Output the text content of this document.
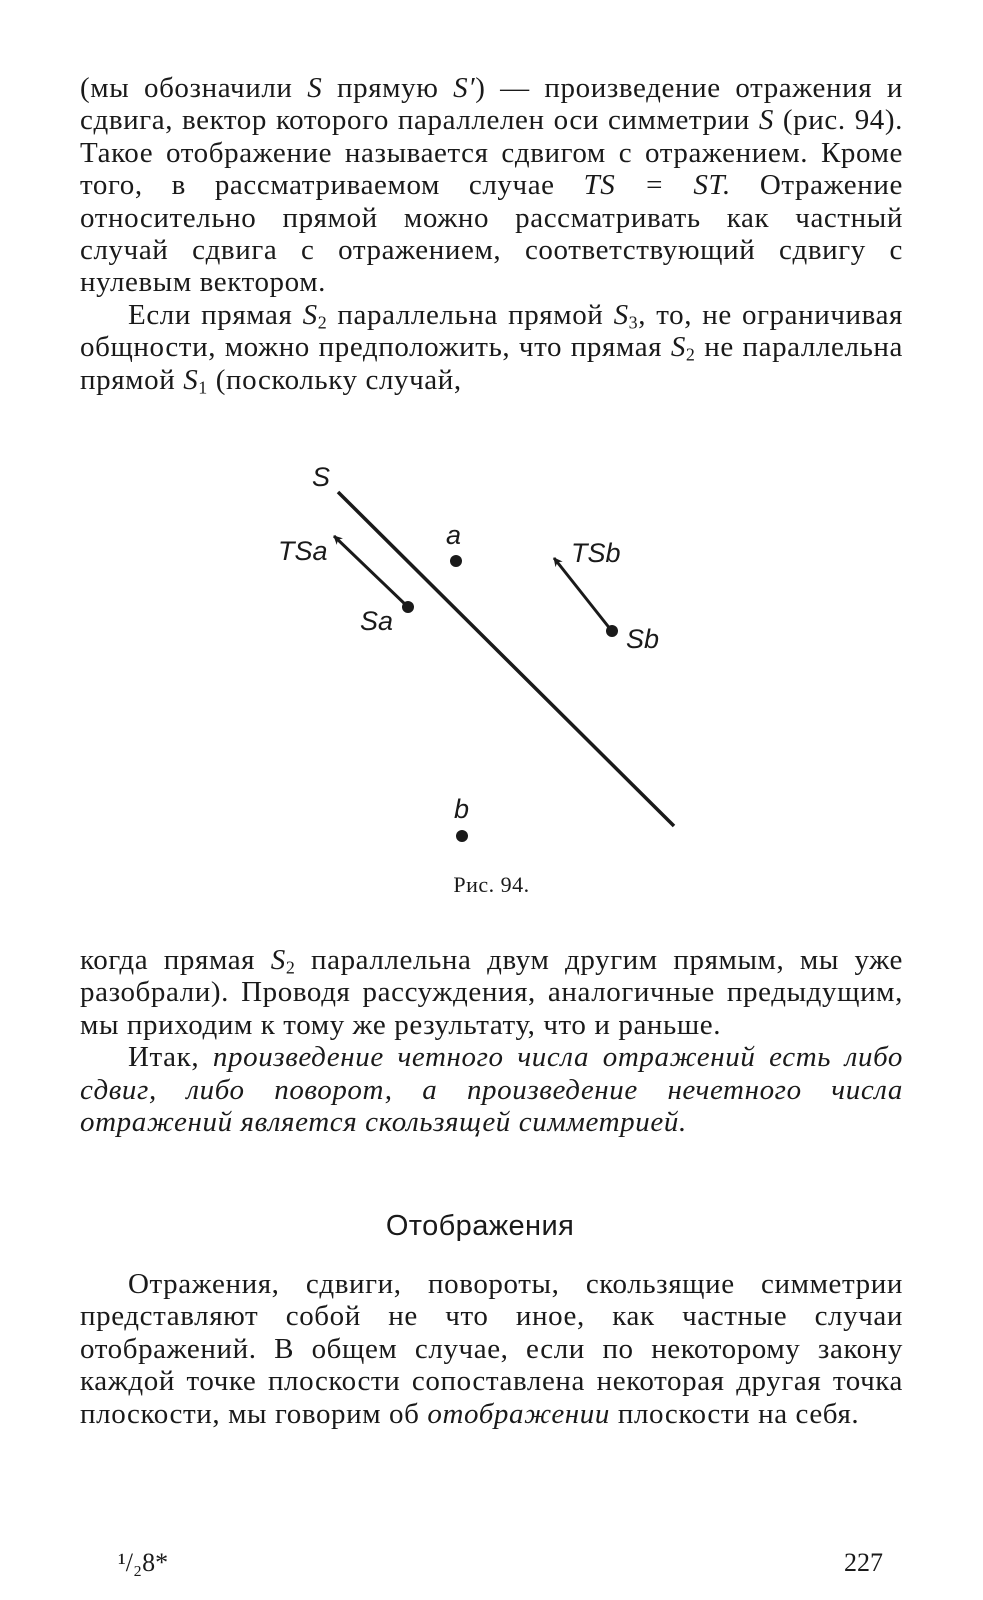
(мы обозначили S прямую S′) — произведение отражения и сдвига, вектор которого параллелен оси симметрии S (рис. 94). Такое отображение называется сдвигом с отражением. Кроме того, в рассматриваемом случае TS = ST. Отражение относительно прямой можно рассматривать как частный случай сдвига с отражением, соответствующий сдвигу с нулевым вектором.

Если прямая $S_2$ параллельна прямой $S_3$, то, не ограничивая общности, можно предположить, что прямая $S_2$ не параллельна прямой $S_1$ (поскольку случай,

S
TSa
a
TSb
Sa
Sb
b
Рис. 94.

когда прямая $S_2$ параллельна двум другим прямым, мы уже разобрали). Проводя рассуждения, аналогичные предыдущим, мы приходим к тому же результату, что и раньше.

Итак, произведение четного числа отражений есть либо сдвиг, либо поворот, а произведение нечетного числа отражений является скользящей симметрией.

Отображения

Отражения, сдвиги, повороты, скользящие симметрии представляют собой не что иное, как частные случаи отображений. В общем случае, если по некоторому закону каждой точке плоскости сопоставлена некоторая другая точка плоскости, мы говорим об отображении плоскости на себя.

¹/₂8*	227
